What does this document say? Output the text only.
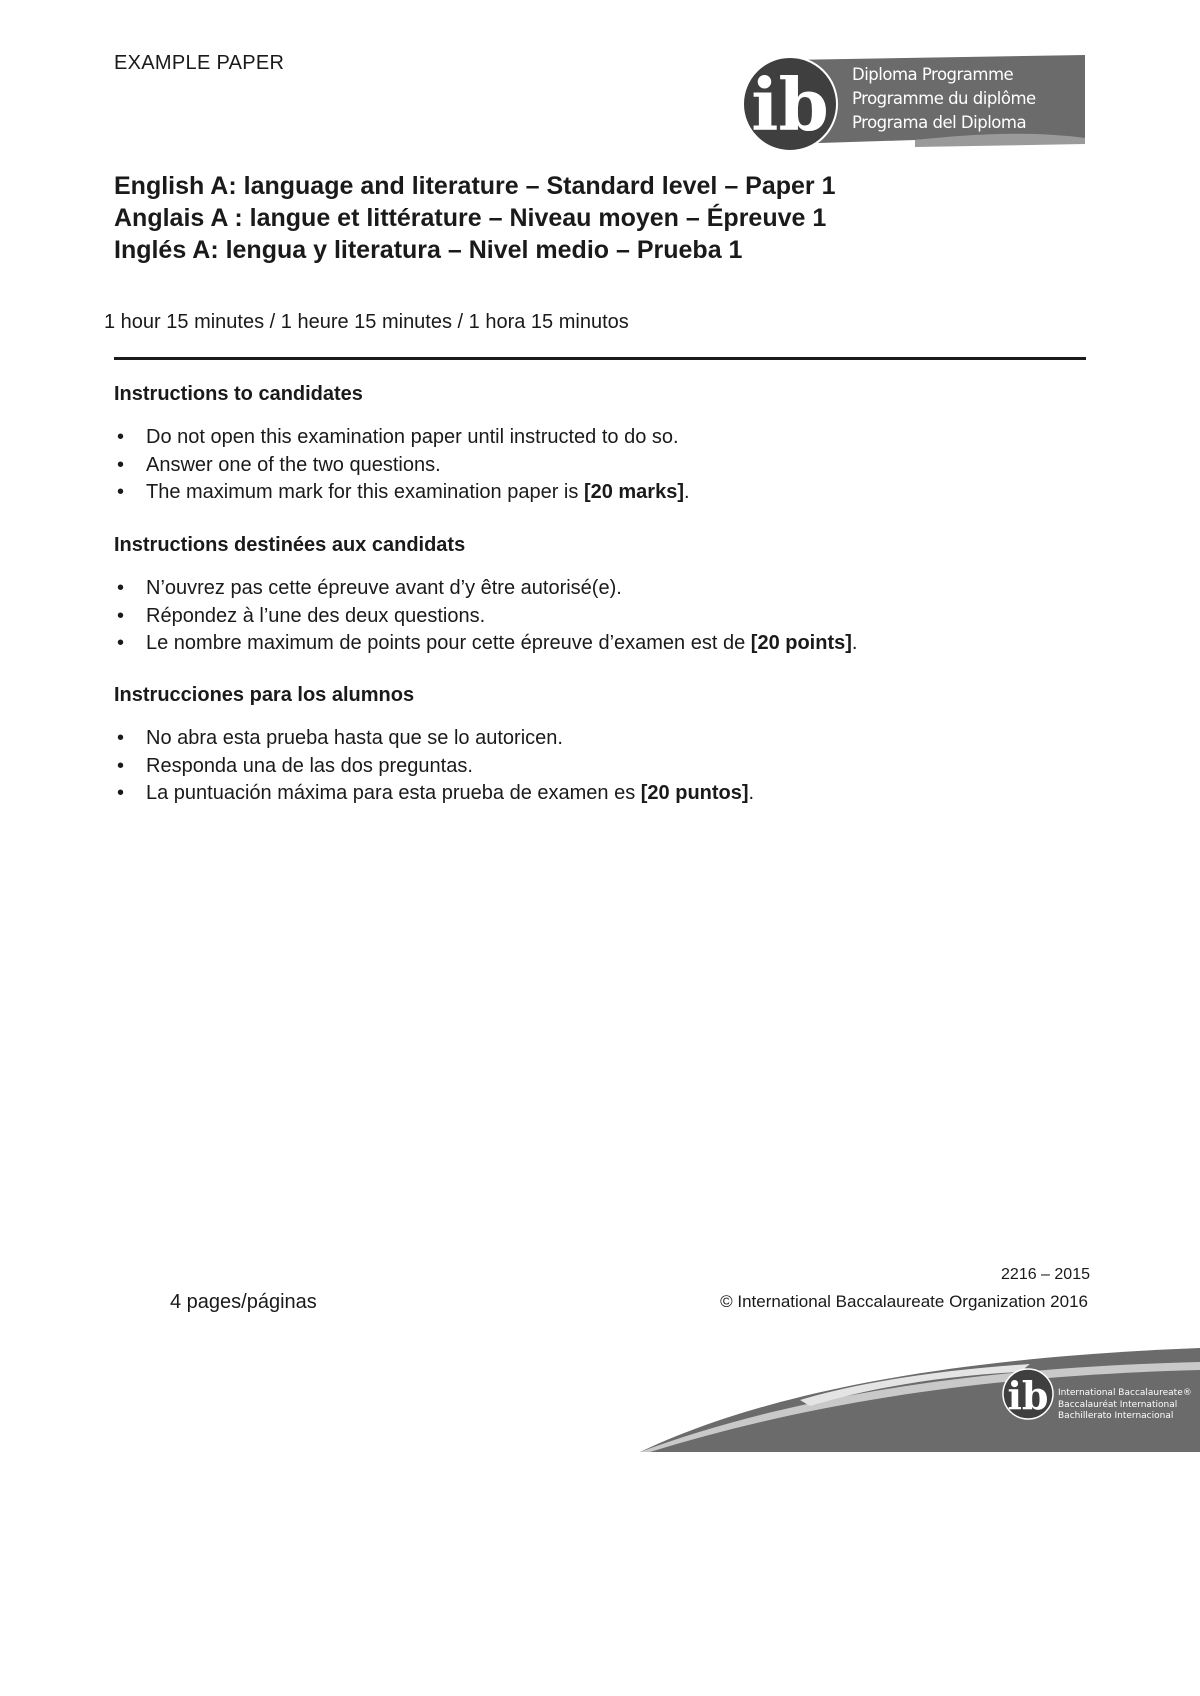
EXAMPLE PAPER	ib Diploma Programme
Programme du diplôme
Programa del Diploma
English A: language and literature – Standard level – Paper 1
Anglais A : langue et littérature – Niveau moyen – Épreuve 1
Inglés A: lengua y literatura – Nivel medio – Prueba 1
1 hour 15 minutes / 1 heure 15 minutes / 1 hora 15 minutos
Instructions to candidates
• Do not open this examination paper until instructed to do so.
• Answer one of the two questions.
• The maximum mark for this examination paper is [20 marks].
Instructions destinées aux candidats
• N’ouvrez pas cette épreuve avant d’y être autorisé(e).
• Répondez à l’une des deux questions.
• Le nombre maximum de points pour cette épreuve d’examen est de [20 points].
Instrucciones para los alumnos
• No abra esta prueba hasta que se lo autoricen.
• Responda una de las dos preguntas.
• La puntuación máxima para esta prueba de examen es [20 puntos].
4 pages/páginas
2216 – 2015
© International Baccalaureate Organization 2016
ib International Baccalaureate®
Baccalauréat International
Bachillerato Internacional
